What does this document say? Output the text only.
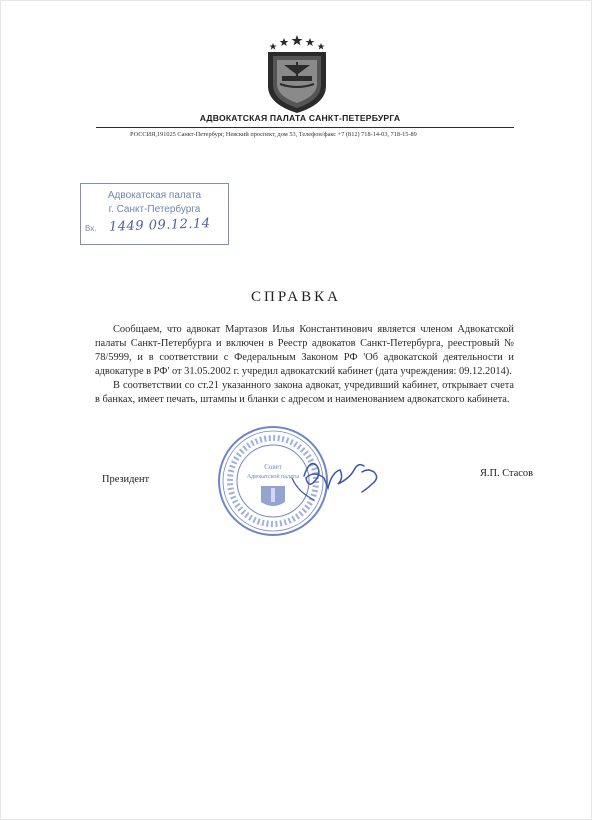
АДВОКАТСКАЯ ПАЛАТА САНКТ-ПЕТЕРБУРГА
РОССИЯ,191025 Санкт-Петербург, Невский проспект, дом 53, Телефон/факс +7 (812) 718-14-03, 718-15-89
Адвокатская палата
г. Санкт-Петербурга
Вх. 1449 09.12.14
СПРАВКА

Сообщаем, что адвокат Мартазов Илья Константинович является членом Адвокатской палаты Санкт-Петербурга и включен в Реестр адвокатов Санкт-Петербурга, реестровый № 78/5999, и в соответствии с Федеральным Законом РФ 'Об адвокатской деятельности и адвокатуре в РФ' от 31.05.2002 г. учредил адвокатский кабинет (дата учреждения: 09.12.2014).

В соответствии со ст.21 указанного закона адвокат, учредивший кабинет, открывает счета в банках, имеет печать, штампы и бланки с адресом и наименованием адвокатского кабинета.

Совет
Адвокатской палаты
Президент
Я.П. Стасов
